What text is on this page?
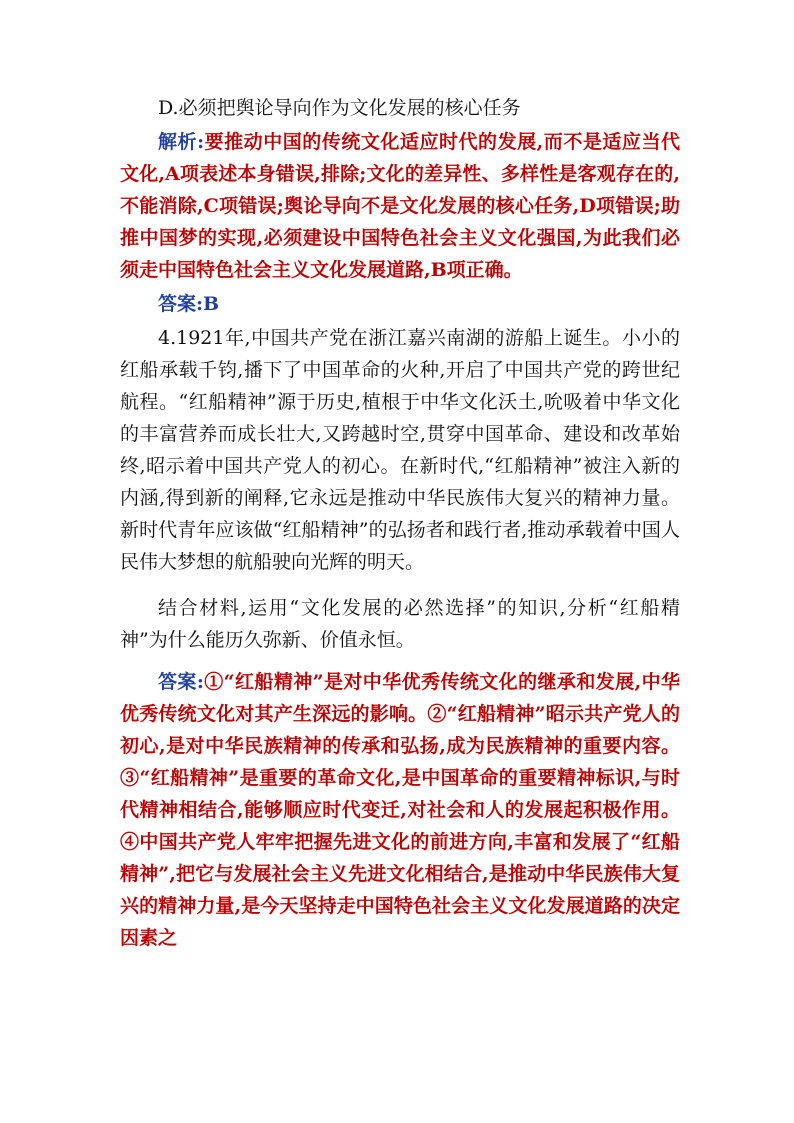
D.必须把舆论导向作为文化发展的核心任务

解析:要推动中国的传统文化适应时代的发展,而不是适应当代文化,A项表述本身错误,排除;文化的差异性、多样性是客观存在的,不能消除,C项错误;舆论导向不是文化发展的核心任务,D项错误;助推中国梦的实现,必须建设中国特色社会主义文化强国,为此我们必须走中国特色社会主义文化发展道路,B项正确。

答案:B

4.1921年,中国共产党在浙江嘉兴南湖的游船上诞生。小小的红船承载千钧,播下了中国革命的火种,开启了中国共产党的跨世纪航程。“红船精神”源于历史,植根于中华文化沃土,吮吸着中华文化的丰富营养而成长壮大,又跨越时空,贯穿中国革命、建设和改革始终,昭示着中国共产党人的初心。在新时代,“红船精神”被注入新的内涵,得到新的阐释,它永远是推动中华民族伟大复兴的精神力量。新时代青年应该做“红船精神”的弘扬者和践行者,推动承载着中国人民伟大梦想的航船驶向光辉的明天。

结合材料,运用“文化发展的必然选择”的知识,分析“红船精神”为什么能历久弥新、价值永恒。

答案:①“红船精神”是对中华优秀传统文化的继承和发展,中华优秀传统文化对其产生深远的影响。②“红船精神”昭示共产党人的初心,是对中华民族精神的传承和弘扬,成为民族精神的重要内容。③“红船精神”是重要的革命文化,是中国革命的重要精神标识,与时代精神相结合,能够顺应时代变迁,对社会和人的发展起积极作用。④中国共产党人牢牢把握先进文化的前进方向,丰富和发展了“红船精神”,把它与发展社会主义先进文化相结合,是推动中华民族伟大复兴的精神力量,是今天坚持走中国特色社会主义文化发展道路的决定因素之
